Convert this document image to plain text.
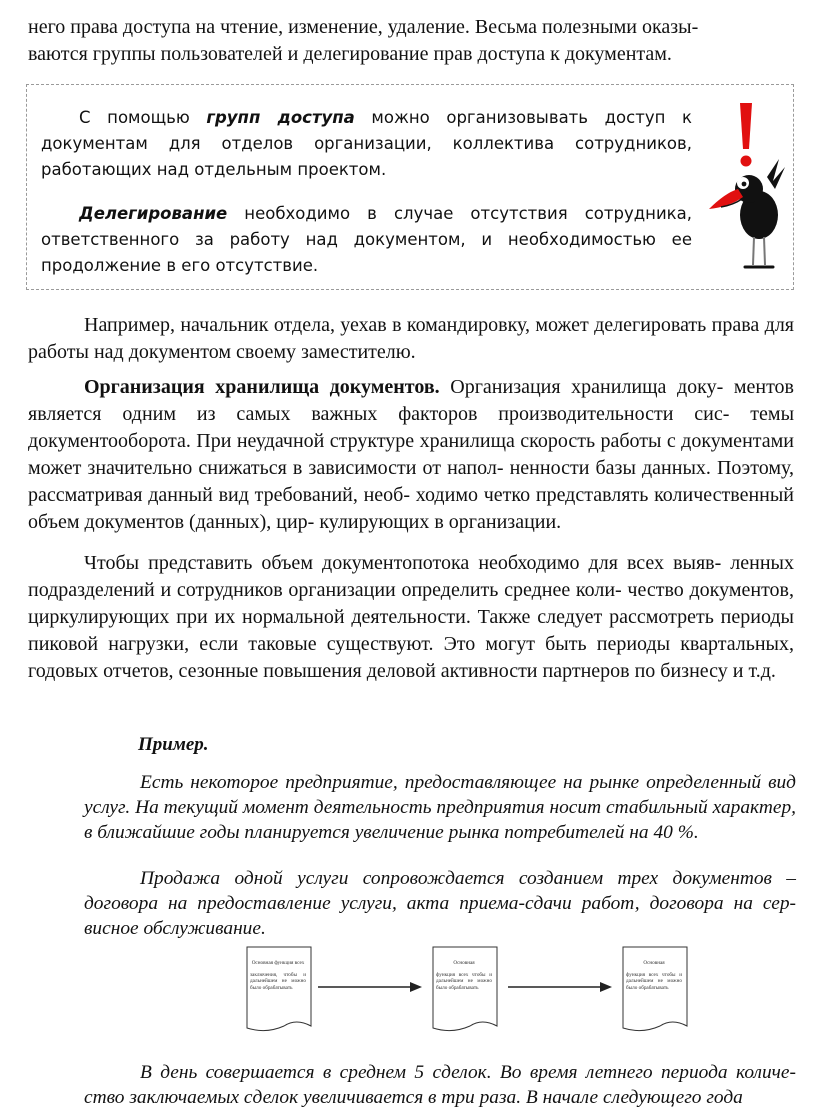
него права доступа на чтение, изменение, удаление. Весьма полезными оказы-

ваются группы пользователей и делегирование прав доступа к документам.

С помощью групп доступа можно организовывать доступ к документам для отделов организации, коллектива сотрудников, работающих над отдельным проектом.

Делегирование необходимо в случае отсутствия сотрудника, ответственного за работу над документом, и необходимостью ее продолжение в его отсутствие.

Например, начальник отдела, уехав в командировку, может делегировать права для работы над документом своему заместителю.

Организация хранилища документов. Организация хранилища доку- ментов является одним из самых важных факторов производительности сис- темы документооборота. При неудачной структуре хранилища скорость работы с документами может значительно снижаться в зависимости от напол- ненности базы данных. Поэтому, рассматривая данный вид требований, необ- ходимо четко представлять количественный объем документов (данных), цир- кулирующих в организации.

Чтобы представить объем документопотока необходимо для всех выяв- ленных подразделений и сотрудников организации определить среднее коли- чество документов, циркулирующих при их нормальной деятельности. Также следует рассмотреть периоды пиковой нагрузки, если таковые существуют. Это могут быть периоды квартальных, годовых отчетов, сезонные повышения деловой активности партнеров по бизнесу и т.д.

Пример.

Есть некоторое предприятие, предоставляющее на рынке определенный вид услуг. На текущий момент деятельность предприятия носит стабильный характер, в ближайшие годы планируется увеличение рынка потребителей на 40 %.

Продажа одной услуги сопровождается созданием трех документов – договора на предоставление услуги, акта приема-сдачи работ, договора на сер- висное обслуживание.

Основная функция всех
заключения, чтобы и дальнейшем не можно было обрабатывать
Основная
функция всех чтобы и дальнейшем не можно было обрабатывать
Основная
функция всех чтобы и дальнейшем не можно было обрабатывать

В день совершается в среднем 5 сделок. Во время летнего периода количе- ство заключаемых сделок увеличивается в три раза. В начале следующего года
